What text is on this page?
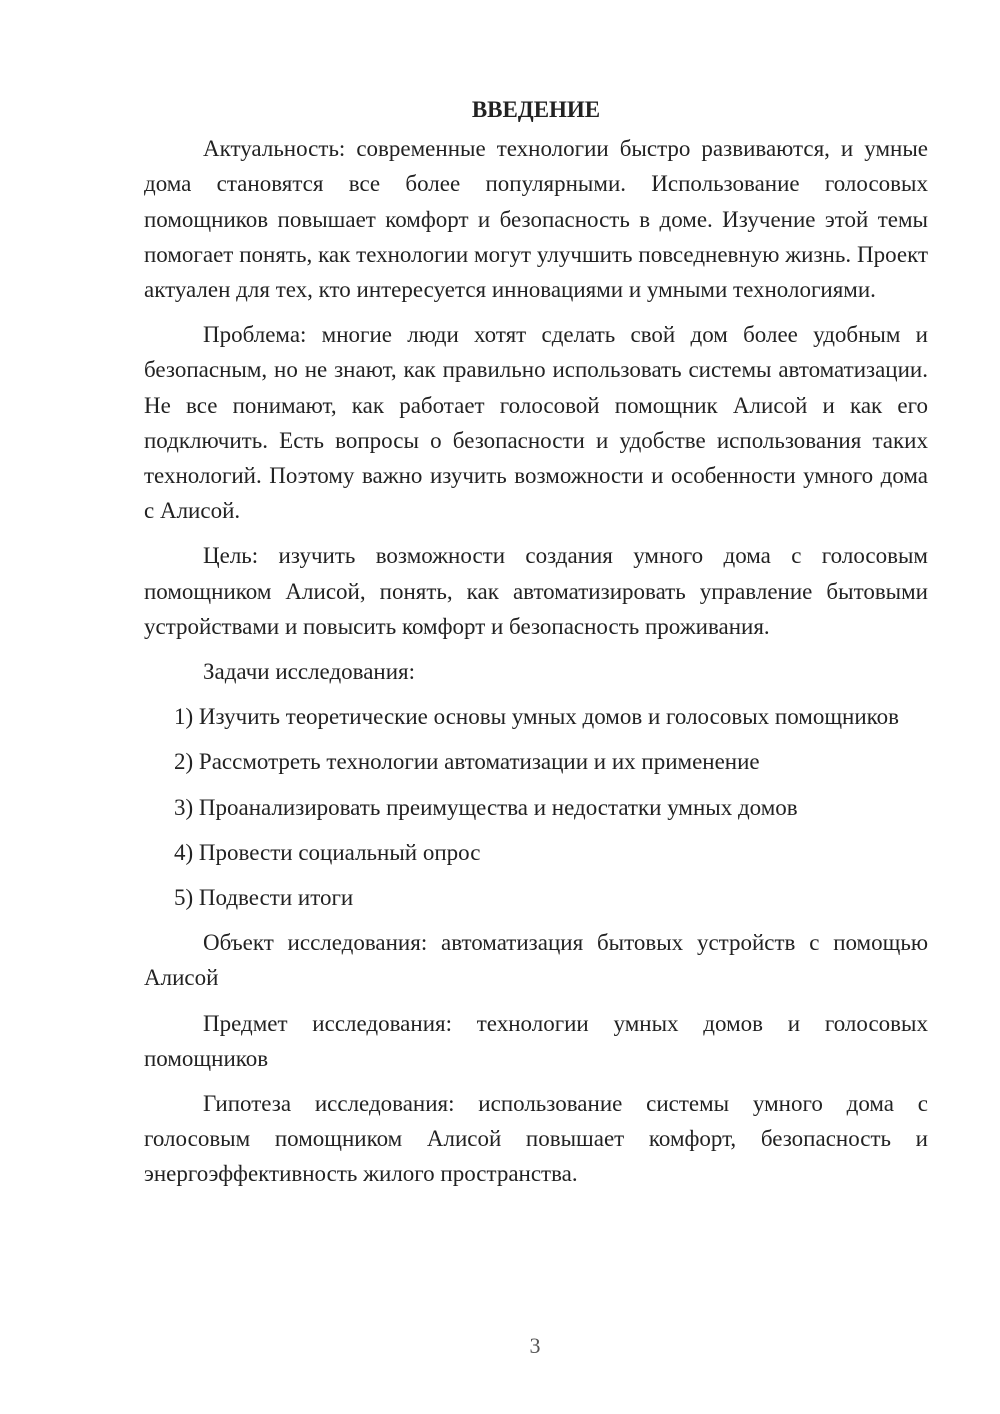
ВВЕДЕНИЕ
Актуальность: современные технологии быстро развиваются, и умные дома становятся все более популярными. Использование голосовых помощников повышает комфорт и безопасность в доме. Изучение этой темы помогает понять, как технологии могут улучшить повседневную жизнь. Проект актуален для тех, кто интересуется инновациями и умными технологиями.
Проблема: многие люди хотят сделать свой дом более удобным и безопасным, но не знают, как правильно использовать системы автоматизации. Не все понимают, как работает голосовой помощник Алисой и как его подключить. Есть вопросы о безопасности и удобстве использования таких технологий. Поэтому важно изучить возможности и особенности умного дома с Алисой.
Цель: изучить возможности создания умного дома с голосовым помощником Алисой, понять, как автоматизировать управление бытовыми устройствами и повысить комфорт и безопасность проживания.
Задачи исследования:
1) Изучить теоретические основы умных домов и голосовых помощников
2) Рассмотреть технологии автоматизации и их применение
3) Проанализировать преимущества и недостатки умных домов
4) Провести социальный опрос
5) Подвести итоги
Объект исследования: автоматизация бытовых устройств с помощью Алисой
Предмет исследования: технологии умных домов и голосовых помощников
Гипотеза исследования: использование системы умного дома с голосовым помощником Алисой повышает комфорт, безопасность и энергоэффективность жилого пространства.
3
